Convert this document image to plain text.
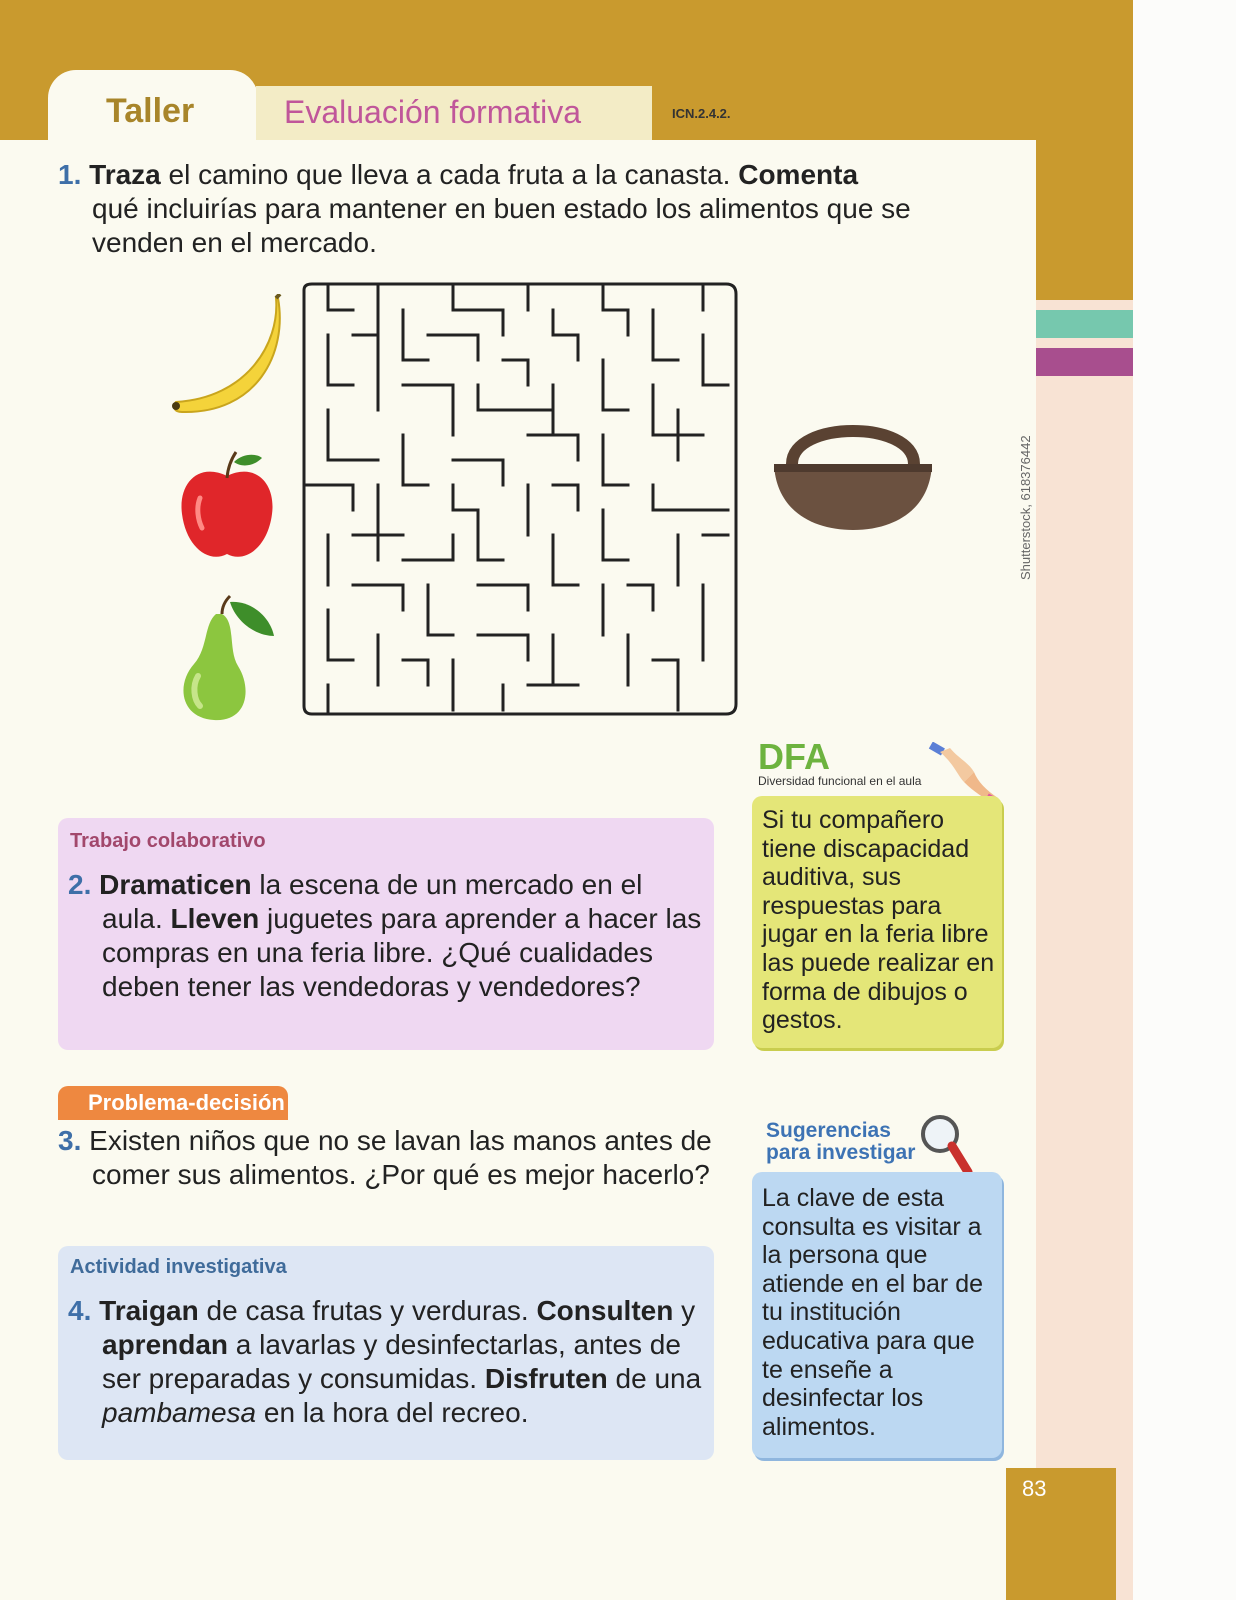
Shutterstock, 618376442
Taller	Evaluación formativa	ICN.2.4.2.
1. Traza el camino que lleva a cada fruta a la canasta. Comenta
qué incluirías para mantener en buen estado los alimentos que se
venden en el mercado.
Trabajo colaborativo
2. Dramaticen la escena de un mercado en el aula. Lleven juguetes para aprender a hacer las compras en una feria libre. ¿Qué cualidades deben tener las vendedoras y vendedores?
DFA
Diversidad funcional en el aula
Si tu compañero tiene discapacidad auditiva, sus respuestas para jugar en la feria libre las puede realizar en forma de dibujos o gestos.
Problema-decisión
3. Existen niños que no se lavan las manos antes de comer sus alimentos. ¿Por qué es mejor hacerlo?
Actividad investigativa
4. Traigan de casa frutas y verduras. Consulten y aprendan a lavarlas y desinfectarlas, antes de ser preparadas y consumidas. Disfruten de una pambamesa en la hora del recreo.
Sugerencias
para investigar
La clave de esta consulta es visitar a la persona que atiende en el bar de tu institución educativa para que te enseñe a desinfectar los alimentos.
83
